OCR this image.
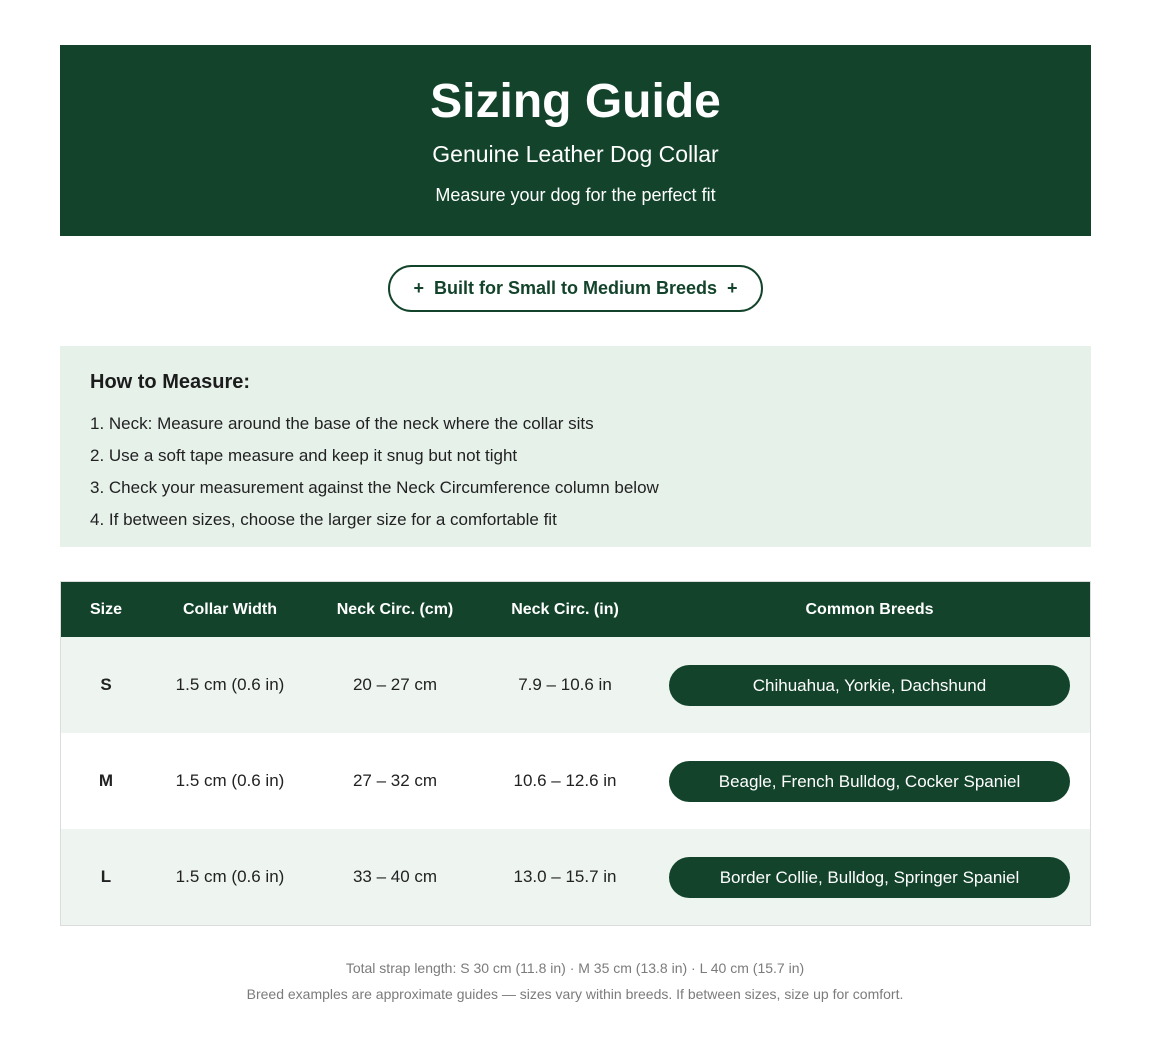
Sizing Guide
Genuine Leather Dog Collar
Measure your dog for the perfect fit
+ Built for Small to Medium Breeds +
How to Measure:
1. Neck: Measure around the base of the neck where the collar sits
2. Use a soft tape measure and keep it snug but not tight
3. Check your measurement against the Neck Circumference column below
4. If between sizes, choose the larger size for a comfortable fit
Size	Collar Width	Neck Circ. (cm)	Neck Circ. (in)	Common Breeds
S	1.5 cm (0.6 in)	20 – 27 cm	7.9 – 10.6 in	Chihuahua, Yorkie, Dachshund
M	1.5 cm (0.6 in)	27 – 32 cm	10.6 – 12.6 in	Beagle, French Bulldog, Cocker Spaniel
L	1.5 cm (0.6 in)	33 – 40 cm	13.0 – 15.7 in	Border Collie, Bulldog, Springer Spaniel
Total strap length: S 30 cm (11.8 in) · M 35 cm (13.8 in) · L 40 cm (15.7 in)
Breed examples are approximate guides — sizes vary within breeds. If between sizes, size up for comfort.
